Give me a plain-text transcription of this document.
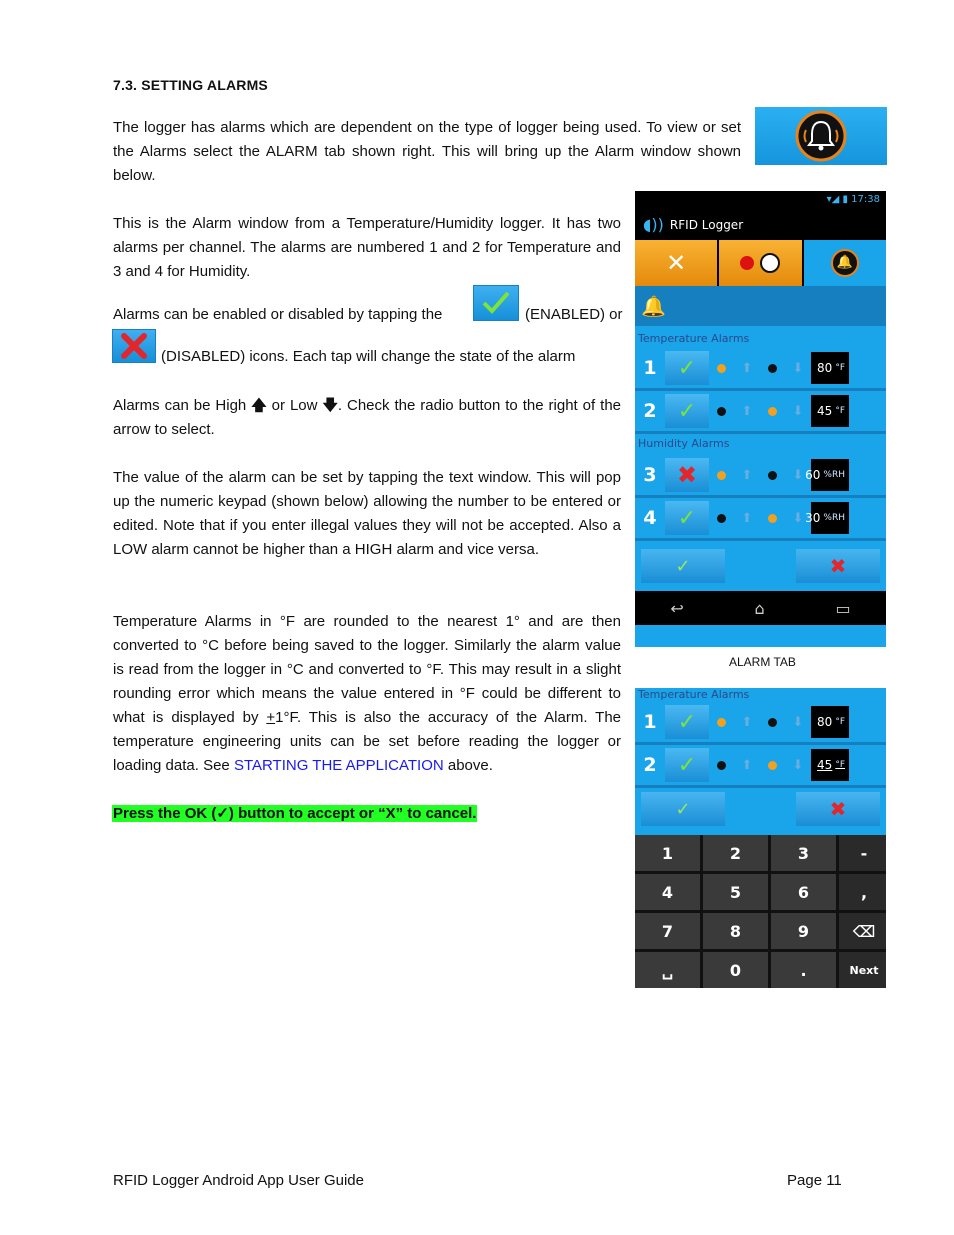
7.3. SETTING ALARMS
The logger has alarms which are dependent on the type of logger being used. To view or set the Alarms select the ALARM tab shown right. This will bring up the Alarm window shown below.
This is the Alarm window from a Temperature/Humidity logger. It has two alarms per channel. The alarms are numbered 1 and 2 for Temperature and 3 and 4 for Humidity.
Alarms can be enabled or disabled by tapping the	(ENABLED) or
(DISABLED) icons. Each tap will change the state of the alarm
Alarms can be High 🡅 or Low 🡇. Check the radio button to the right of the arrow to select.
The value of the alarm can be set by tapping the text window. This will pop up the numeric keypad (shown below) allowing the number to be entered or edited. Note that if you enter illegal values they will not be accepted. Also a LOW alarm cannot be higher than a HIGH alarm and vice versa.
Temperature Alarms in °F are rounded to the nearest 1° and are then converted to °C before being saved to the logger. Similarly the alarm value is read from the logger in °C and converted to °F. This may result in a slight rounding error which means the value entered in °F could be different to what is displayed by +1°F. This is also the accuracy of the Alarm. The temperature engineering units can be set before reading the logger or loading data. See STARTING THE APPLICATION above.
Press the OK (✓) button to accept or “X” to cancel.
▾◢ ▮ 17:38
◖)) RFID Logger
✕	🔔
🔔
Temperature Alarms
1 ✓	⬆	⬇ 80 °F
2 ✓	⬆	⬇ 45 °F
Humidity Alarms
3 ✖	⬆	⬇ 60 %RH
4 ✓	⬆	⬇ 30 %RH
✓	✖
↩	⌂	▭
ALARM TAB
Temperature Alarms
1 ✓	⬆	⬇ 80 °F
2 ✓	⬆	⬇ 45 °F
✓	✖
1	2	3	-
4	5	6	,
7	8	9	⌫
␣	0	.	Next
RFID Logger Android App User Guide	Page 11
